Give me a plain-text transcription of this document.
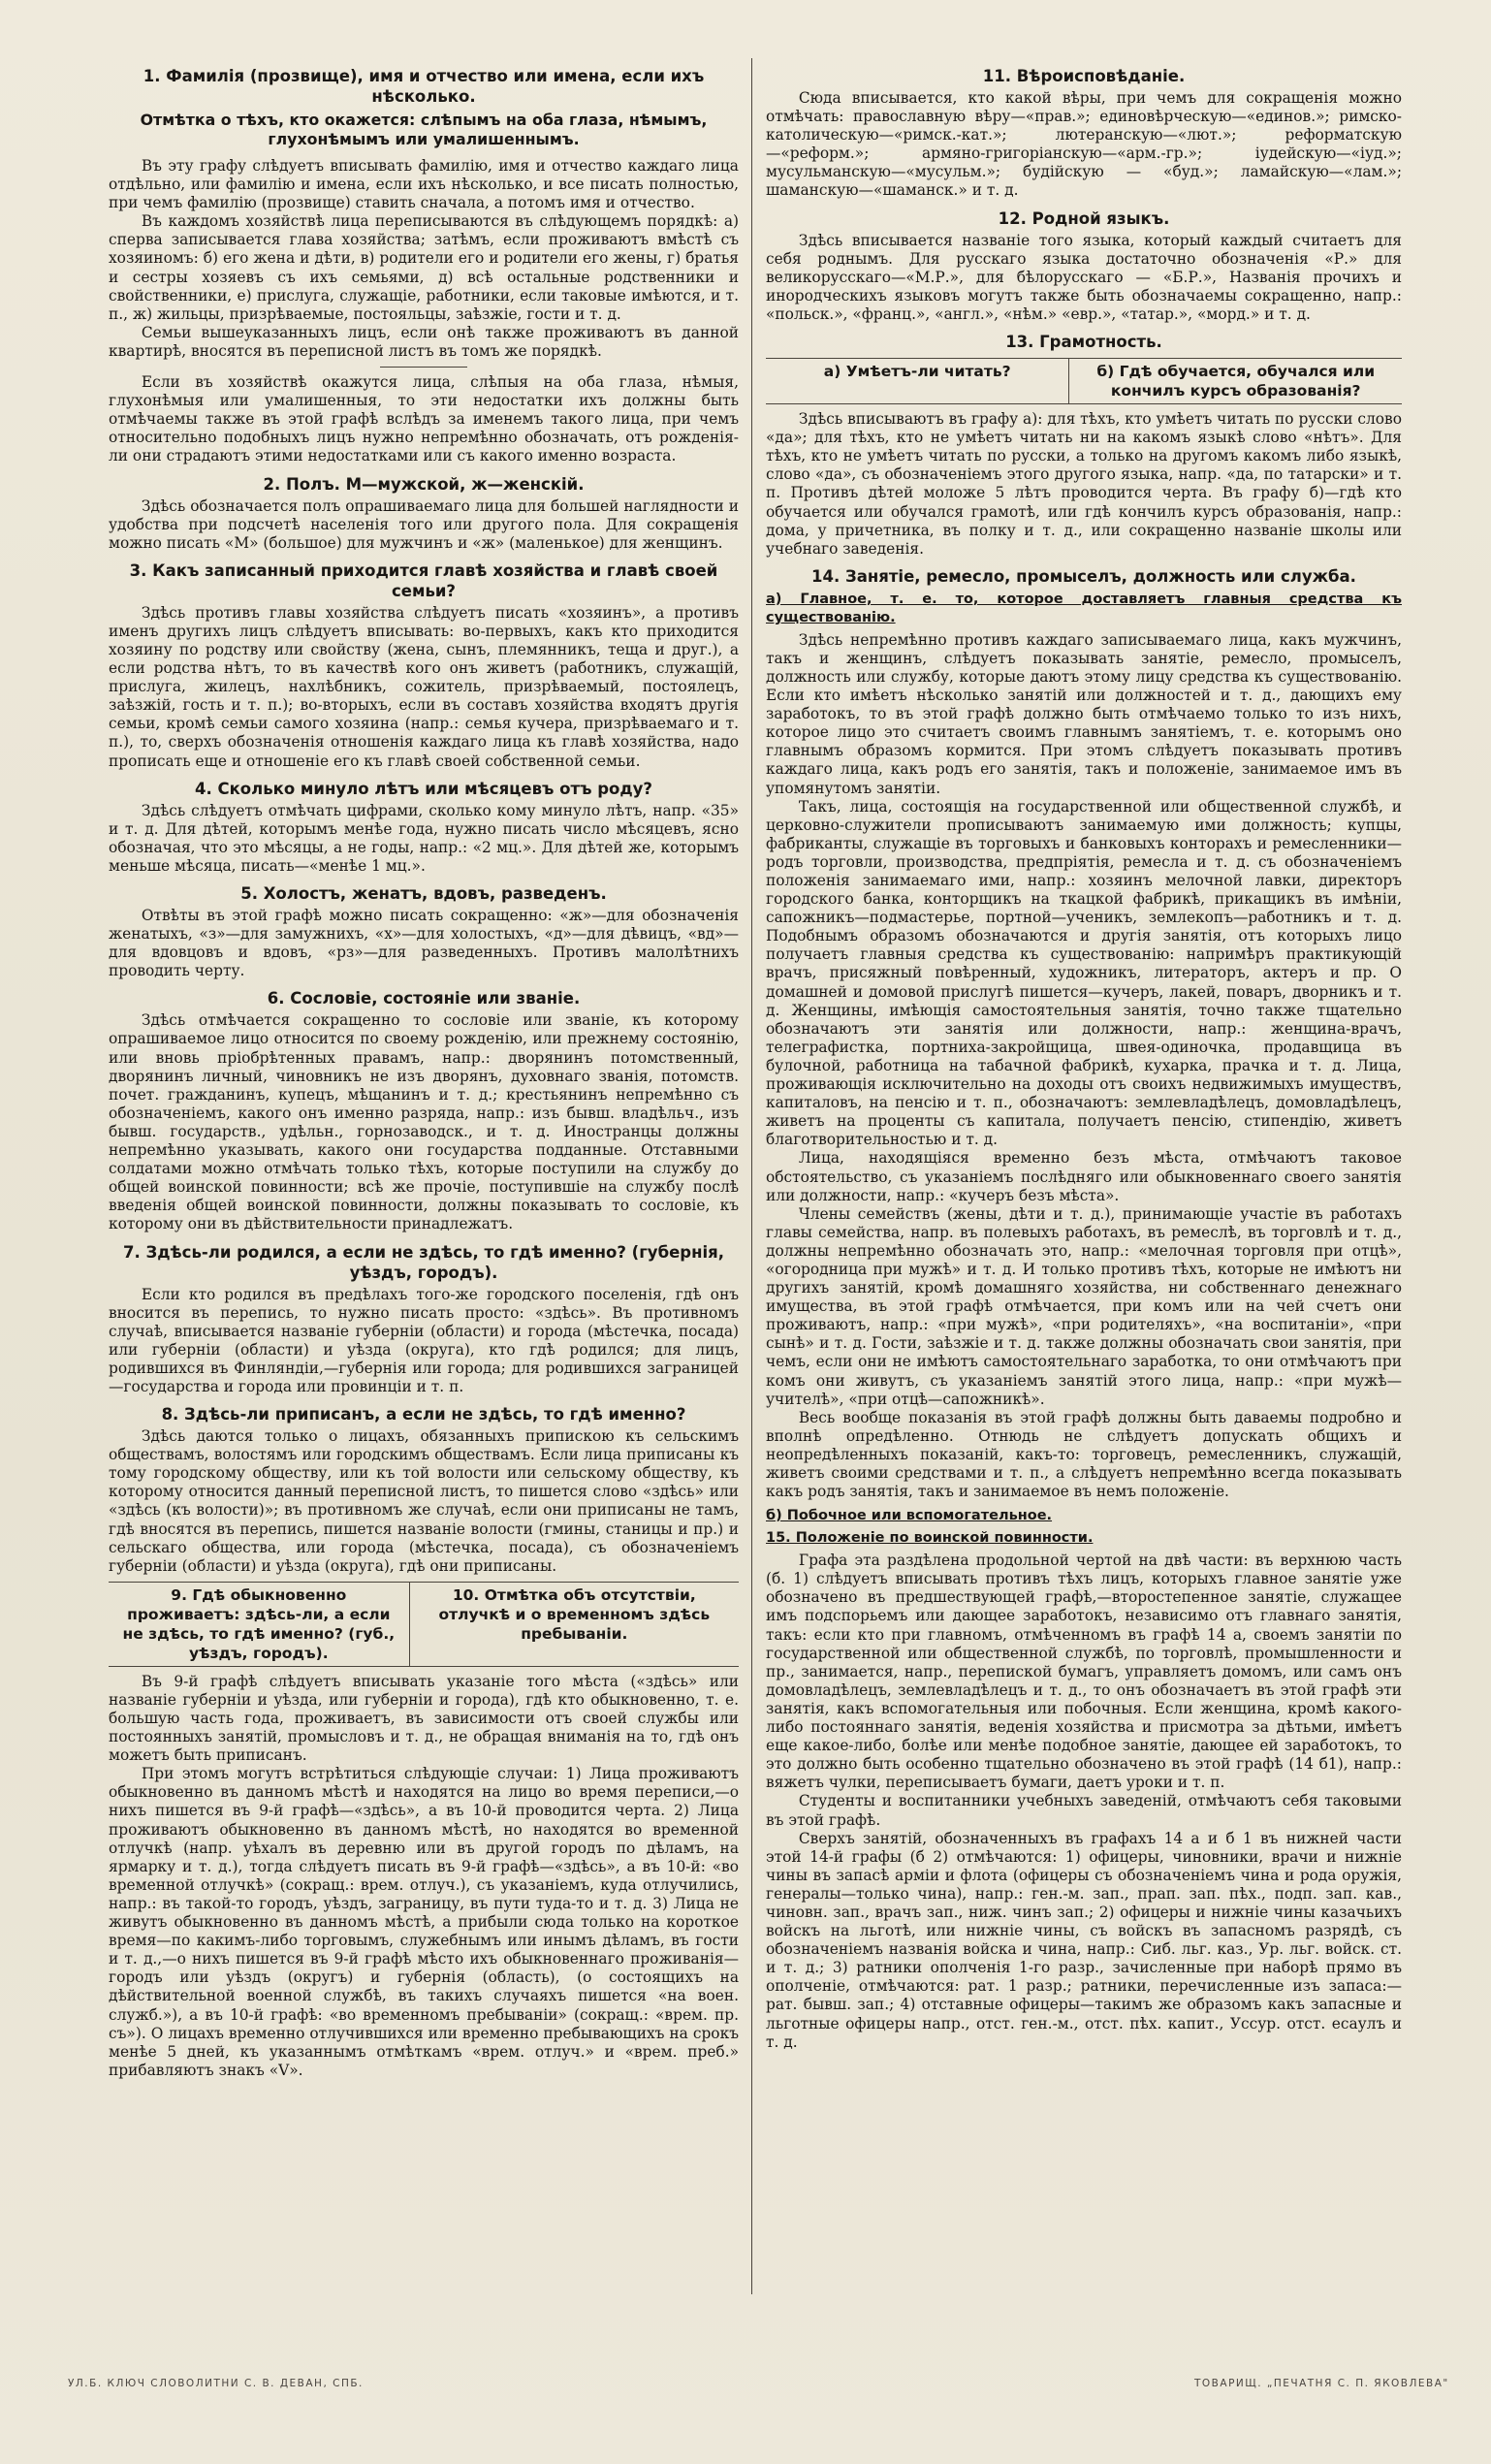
1. Фамилія (прозвище), имя и отчество или имена, если ихъ нѣсколько.
Отмѣтка о тѣхъ, кто окажется: слѣпымъ на оба глаза, нѣмымъ, глухонѣмымъ или умалишеннымъ.
Въ эту графу слѣдуетъ вписывать фамилію, имя и отчество каждаго лица отдѣльно, или фамилію и имена, если ихъ нѣсколько, и все писать полностью, при чемъ фамилію (прозвище) ставить сначала, а потомъ имя и отчество.
Въ каждомъ хозяйствѣ лица переписываются въ слѣдующемъ порядкѣ: а) сперва записывается глава хозяйства; затѣмъ, если проживаютъ вмѣстѣ съ хозяиномъ: б) его жена и дѣти, в) родители его и родители его жены, г) братья и сестры хозяевъ съ ихъ семьями, д) всѣ остальные родственники и свойственники, е) прислуга, служащіе, работники, если таковые имѣются, и т. п., ж) жильцы, призрѣваемые, постояльцы, заѣзжіе, гости и т. д.
Семьи вышеуказанныхъ лицъ, если онѣ также проживаютъ въ данной квартирѣ, вносятся въ переписной листъ въ томъ же порядкѣ.
Если въ хозяйствѣ окажутся лица, слѣпыя на оба глаза, нѣмыя, глухонѣмыя или умалишенныя, то эти недостатки ихъ должны быть отмѣчаемы также въ этой графѣ вслѣдъ за именемъ такого лица, при чемъ относительно подобныхъ лицъ нужно непремѣнно обозначать, отъ рожденія-ли они страдаютъ этими недостатками или съ какого именно возраста.
2. Полъ. М—мужской, ж—женскій.
Здѣсь обозначается полъ опрашиваемаго лица для большей наглядности и удобства при подсчетѣ населенія того или другого пола. Для сокращенія можно писать «М» (большое) для мужчинъ и «ж» (маленькое) для женщинъ.
3. Какъ записанный приходится главѣ хозяйства и главѣ своей семьи?
Здѣсь противъ главы хозяйства слѣдуетъ писать «хозяинъ», а противъ именъ другихъ лицъ слѣдуетъ вписывать: во-первыхъ, какъ кто приходится хозяину по родству или свойству (жена, сынъ, племянникъ, теща и друг.), а если родства нѣтъ, то въ качествѣ кого онъ живетъ (работникъ, служащій, прислуга, жилецъ, нахлѣбникъ, сожитель, призрѣваемый, постоялецъ, заѣзжій, гость и т. п.); во-вторыхъ, если въ составъ хозяйства входятъ другія семьи, кромѣ семьи самого хозяина (напр.: семья кучера, призрѣваемаго и т. п.), то, сверхъ обозначенія отношенія каждаго лица къ главѣ хозяйства, надо прописать еще и отношеніе его къ главѣ своей собственной семьи.
4. Сколько минуло лѣтъ или мѣсяцевъ отъ роду?
Здѣсь слѣдуетъ отмѣчать цифрами, сколько кому минуло лѣтъ, напр. «35» и т. д. Для дѣтей, которымъ менѣе года, нужно писать число мѣсяцевъ, ясно обозначая, что это мѣсяцы, а не годы, напр.: «2 мц.». Для дѣтей же, которымъ меньше мѣсяца, писать—«менѣе 1 мц.».
5. Холостъ, женатъ, вдовъ, разведенъ.
Отвѣты въ этой графѣ можно писать сокращенно: «ж»—для обозначенія женатыхъ, «з»—для замужнихъ, «х»—для холостыхъ, «д»—для дѣвицъ, «вд»—для вдовцовъ и вдовъ, «рз»—для разведенныхъ. Противъ малолѣтнихъ проводить черту.
6. Сословіе, состояніе или званіе.
Здѣсь отмѣчается сокращенно то сословіе или званіе, къ которому опрашиваемое лицо относится по своему рожденію, или прежнему состоянію, или вновь пріобрѣтенных правамъ, напр.: дворянинъ потомственный, дворянинъ личный, чиновникъ не изъ дворянъ, духовнаго званія, потомств. почет. гражданинъ, купецъ, мѣщанинъ и т. д.; крестьянинъ непремѣнно съ обозначеніемъ, какого онъ именно разряда, напр.: изъ бывш. владѣльч., изъ бывш. государств., удѣльн., горнозаводск., и т. д. Иностранцы должны непремѣнно указывать, какого они государства подданные. Отставными солдатами можно отмѣчать только тѣхъ, которые поступили на службу до общей воинской повинности; всѣ же прочіе, поступившіе на службу послѣ введенія общей воинской повинности, должны показывать то сословіе, къ которому они въ дѣйствительности принадлежатъ.
7. Здѣсь-ли родился, а если не здѣсь, то гдѣ именно? (губернія, уѣздъ, городъ).
Если кто родился въ предѣлахъ того-же городского поселенія, гдѣ онъ вносится въ перепись, то нужно писать просто: «здѣсь». Въ противномъ случаѣ, вписывается названіе губерніи (области) и города (мѣстечка, посада) или губерніи (области) и уѣзда (округа), кто гдѣ родился; для лицъ, родившихся въ Финляндіи,—губернія или города; для родившихся заграницей—государства и города или провинціи и т. п.
8. Здѣсь-ли приписанъ, а если не здѣсь, то гдѣ именно?
Здѣсь даются только о лицахъ, обязанныхъ припискою къ сельскимъ обществамъ, волостямъ или городскимъ обществамъ. Если лица приписаны къ тому городскому обществу, или къ той волости или сельскому обществу, къ которому относится данный переписной листъ, то пишется слово «здѣсь» или «здѣсь (къ волости)»; въ противномъ же случаѣ, если они приписаны не тамъ, гдѣ вносятся въ перепись, пишется названіе волости (гмины, станицы и пр.) и сельскаго общества, или города (мѣстечка, посада), съ обозначеніемъ губерніи (области) и уѣзда (округа), гдѣ они приписаны.
9. Гдѣ обыкновенно проживаетъ: здѣсь-ли, а если не здѣсь, то гдѣ именно? (губ., уѣздъ, городъ).
10. Отмѣтка объ отсутствіи, отлучкѣ и о временномъ здѣсь пребываніи.
Въ 9-й графѣ слѣдуетъ вписывать указаніе того мѣста («здѣсь» или названіе губерніи и уѣзда, или губерніи и города), гдѣ кто обыкновенно, т. е. большую часть года, проживаетъ, въ зависимости отъ своей службы или постоянныхъ занятій, промысловъ и т. д., не обращая вниманія на то, гдѣ онъ можетъ быть приписанъ.
При этомъ могутъ встрѣтиться слѣдующіе случаи: 1) Лица проживаютъ обыкновенно въ данномъ мѣстѣ и находятся на лицо во время переписи,—о нихъ пишется въ 9-й графѣ—«здѣсь», а въ 10-й проводится черта. 2) Лица проживаютъ обыкновенно въ данномъ мѣстѣ, но находятся во временной отлучкѣ (напр. уѣхалъ въ деревню или въ другой городъ по дѣламъ, на ярмарку и т. д.), тогда слѣдуетъ писать въ 9-й графѣ—«здѣсь», а въ 10-й: «во временной отлучкѣ» (сокращ.: врем. отлуч.), съ указаніемъ, куда отлучились, напр.: въ такой-то городъ, уѣздъ, заграницу, въ пути туда-то и т. д. 3) Лица не живутъ обыкновенно въ данномъ мѣстѣ, а прибыли сюда только на короткое время—по какимъ-либо торговымъ, служебнымъ или инымъ дѣламъ, въ гости и т. д.,—о нихъ пишется въ 9-й графѣ мѣсто ихъ обыкновеннаго проживанія—городъ или уѣздъ (округъ) и губернія (область), (о состоящихъ на дѣйствительной военной службѣ, въ такихъ случаяхъ пишется «на воен. служб.»), а въ 10-й графѣ: «во временномъ пребываніи» (сокращ.: «врем. пр. съ»). О лицахъ временно отлучившихся или временно пребывающихъ на срокъ менѣе 5 дней, къ указаннымъ отмѣткамъ «врем. отлуч.» и «врем. преб.» прибавляютъ знакъ «V».
11. Вѣроисповѣданіе.
Сюда вписывается, кто какой вѣры, при чемъ для сокращенія можно отмѣчать: православную вѣру—«прав.»; единовѣрческую—«единов.»; римско-католическую—«римск.-кат.»; лютеранскую—«лют.»; реформатскую—«реформ.»; армяно-григоріанскую—«арм.-гр.»; іудейскую—«іуд.»; мусульманскую—«мусульм.»; будійскую — «буд.»; ламайскую—«лам.»; шаманскую—«шаманск.» и т. д.
12. Родной языкъ.
Здѣсь вписывается названіе того языка, который каждый считаетъ для себя роднымъ. Для русскаго языка достаточно обозначенія «Р.» для великорусскаго—«М.Р.», для бѣлорусскаго — «Б.Р.», Названія прочихъ и инородческихъ языковъ могутъ также быть обозначаемы сокращенно, напр.: «польск.», «франц.», «англ.», «нѣм.» «евр.», «татар.», «морд.» и т. д.
13. Грамотность.
а) Умѣетъ-ли читать?	б) Гдѣ обучается, обучался или кончилъ курсъ образованія?
Здѣсь вписываютъ въ графу а): для тѣхъ, кто умѣетъ читать по русски слово «да»; для тѣхъ, кто не умѣетъ читать ни на какомъ языкѣ слово «нѣтъ». Для тѣхъ, кто не умѣетъ читать по русски, а только на другомъ какомъ либо языкѣ, слово «да», съ обозначеніемъ этого другого языка, напр. «да, по татарски» и т. п. Противъ дѣтей моложе 5 лѣтъ проводится черта. Въ графу б)—гдѣ кто обучается или обучался грамотѣ, или гдѣ кончилъ курсъ образованія, напр.: дома, у причетника, въ полку и т. д., или сокращенно названіе школы или учебнаго заведенія.
14. Занятіе, ремесло, промыселъ, должность или служба.
а) Главное, т. е. то, которое доставляетъ главныя средства къ существованію.
Здѣсь непремѣнно противъ каждаго записываемаго лица, какъ мужчинъ, такъ и женщинъ, слѣдуетъ показывать занятіе, ремесло, промыселъ, должность или службу, которые даютъ этому лицу средства къ существованію. Если кто имѣетъ нѣсколько занятій или должностей и т. д., дающихъ ему заработокъ, то въ этой графѣ должно быть отмѣчаемо только то изъ нихъ, которое лицо это считаетъ своимъ главнымъ занятіемъ, т. е. которымъ оно главнымъ образомъ кормится. При этомъ слѣдуетъ показывать противъ каждаго лица, какъ родъ его занятія, такъ и положеніе, занимаемое имъ въ упомянутомъ занятіи.
Такъ, лица, состоящія на государственной или общественной службѣ, и церковно-служители прописываютъ занимаемую ими должность; купцы, фабриканты, служащіе въ торговыхъ и банковыхъ конторахъ и ремесленники—родъ торговли, производства, предпріятія, ремесла и т. д. съ обозначеніемъ положенія занимаемаго ими, напр.: хозяинъ мелочной лавки, директоръ городского банка, конторщикъ на ткацкой фабрикѣ, прикащикъ въ имѣніи, сапожникъ—подмастерье, портной—ученикъ, землекопъ—работникъ и т. д. Подобнымъ образомъ обозначаются и другія занятія, отъ которыхъ лицо получаетъ главныя средства къ существованію: напримѣръ практикующій врачъ, присяжный повѣренный, художникъ, литераторъ, актеръ и пр. О домашней и домовой прислугѣ пишется—кучеръ, лакей, поваръ, дворникъ и т. д. Женщины, имѣющія самостоятельныя занятія, точно также тщательно обозначаютъ эти занятія или должности, напр.: женщина-врачъ, телеграфистка, портниха-закройщица, швея-одиночка, продавщица въ булочной, работница на табачной фабрикѣ, кухарка, прачка и т. д. Лица, проживающія исключительно на доходы отъ своихъ недвижимыхъ имуществъ, капиталовъ, на пенсію и т. п., обозначаютъ: землевладѣлецъ, домовладѣлецъ, живетъ на проценты съ капитала, получаетъ пенсію, стипендію, живетъ благотворительностью и т. д.
Лица, находящіяся временно безъ мѣста, отмѣчаютъ таковое обстоятельство, съ указаніемъ послѣдняго или обыкновеннаго своего занятія или должности, напр.: «кучеръ безъ мѣста».
Члены семействъ (жены, дѣти и т. д.), принимающіе участіе въ работахъ главы семейства, напр. въ полевыхъ работахъ, въ ремеслѣ, въ торговлѣ и т. д., должны непремѣнно обозначать это, напр.: «мелочная торговля при отцѣ», «огородница при мужѣ» и т. д. И только противъ тѣхъ, которые не имѣютъ ни другихъ занятій, кромѣ домашняго хозяйства, ни собственнаго денежнаго имущества, въ этой графѣ отмѣчается, при комъ или на чей счетъ они проживаютъ, напр.: «при мужѣ», «при родителяхъ», «на воспитаніи», «при сынѣ» и т. д. Гости, заѣзжіе и т. д. также должны обозначать свои занятія, при чемъ, если они не имѣютъ самостоятельнаго заработка, то они отмѣчаютъ при комъ они живутъ, съ указаніемъ занятій этого лица, напр.: «при мужѣ—учителѣ», «при отцѣ—сапожникѣ».
Весь вообще показанія въ этой графѣ должны быть даваемы подробно и вполнѣ опредѣленно. Отнюдь не слѣдуетъ допускать общихъ и неопредѣленныхъ показаній, какъ-то: торговецъ, ремесленникъ, служащій, живетъ своими средствами и т. п., а слѣдуетъ непремѣнно всегда показывать какъ родъ занятія, такъ и занимаемое въ немъ положеніе.
б) Побочное или вспомогательное.
15. Положеніе по воинской повинности.
Графа эта раздѣлена продольной чертой на двѣ части: въ верхнюю часть (б. 1) слѣдуетъ вписывать противъ тѣхъ лицъ, которыхъ главное занятіе уже обозначено въ предшествующей графѣ,—второстепенное занятіе, служащее имъ подспорьемъ или дающее заработокъ, независимо отъ главнаго занятія, такъ: если кто при главномъ, отмѣченномъ въ графѣ 14 а, своемъ занятіи по государственной или общественной службѣ, по торговлѣ, промышленности и пр., занимается, напр., перепиской бумагъ, управляетъ домомъ, или самъ онъ домовладѣлецъ, землевладѣлецъ и т. д., то онъ обозначаетъ въ этой графѣ эти занятія, какъ вспомогательныя или побочныя. Если женщина, кромѣ какого-либо постояннаго занятія, веденія хозяйства и присмотра за дѣтьми, имѣетъ еще какое-либо, болѣе или менѣе подобное занятіе, дающее ей заработокъ, то это должно быть особенно тщательно обозначено въ этой графѣ (14 б1), напр.: вяжетъ чулки, переписываетъ бумаги, даетъ уроки и т. п.
Студенты и воспитанники учебныхъ заведеній, отмѣчаютъ себя таковыми въ этой графѣ.
Сверхъ занятій, обозначенныхъ въ графахъ 14 а и б 1 въ нижней части этой 14-й графы (б 2) отмѣчаются: 1) офицеры, чиновники, врачи и нижніе чины въ запасѣ арміи и флота (офицеры съ обозначеніемъ чина и рода оружія, генералы—только чина), напр.: ген.-м. зап., прап. зап. пѣх., подп. зап. кав., чиновн. зап., врачъ зап., ниж. чинъ зап.; 2) офицеры и нижніе чины казачьихъ войскъ на льготѣ, или нижніе чины, съ войскъ въ запасномъ разрядѣ, съ обозначеніемъ названія войска и чина, напр.: Сиб. льг. каз., Ур. льг. войск. ст. и т. д.; 3) ратники ополченія 1-го разр., зачисленные при наборѣ прямо въ ополченіе, отмѣчаются: рат. 1 разр.; ратники, перечисленные изъ запаса:—рат. бывш. зап.; 4) отставные офицеры—такимъ же образомъ какъ запасные и льготные офицеры напр., отст. ген.-м., отст. пѣх. капит., Уссур. отст. есаулъ и т. д.
УЛ.Б. КЛЮЧ СЛОВОЛИТНИ С. В. ДЕВАН, СПБ.	ТОВАРИЩ. „ПЕЧАТНЯ С. П. ЯКОВЛЕВА"
